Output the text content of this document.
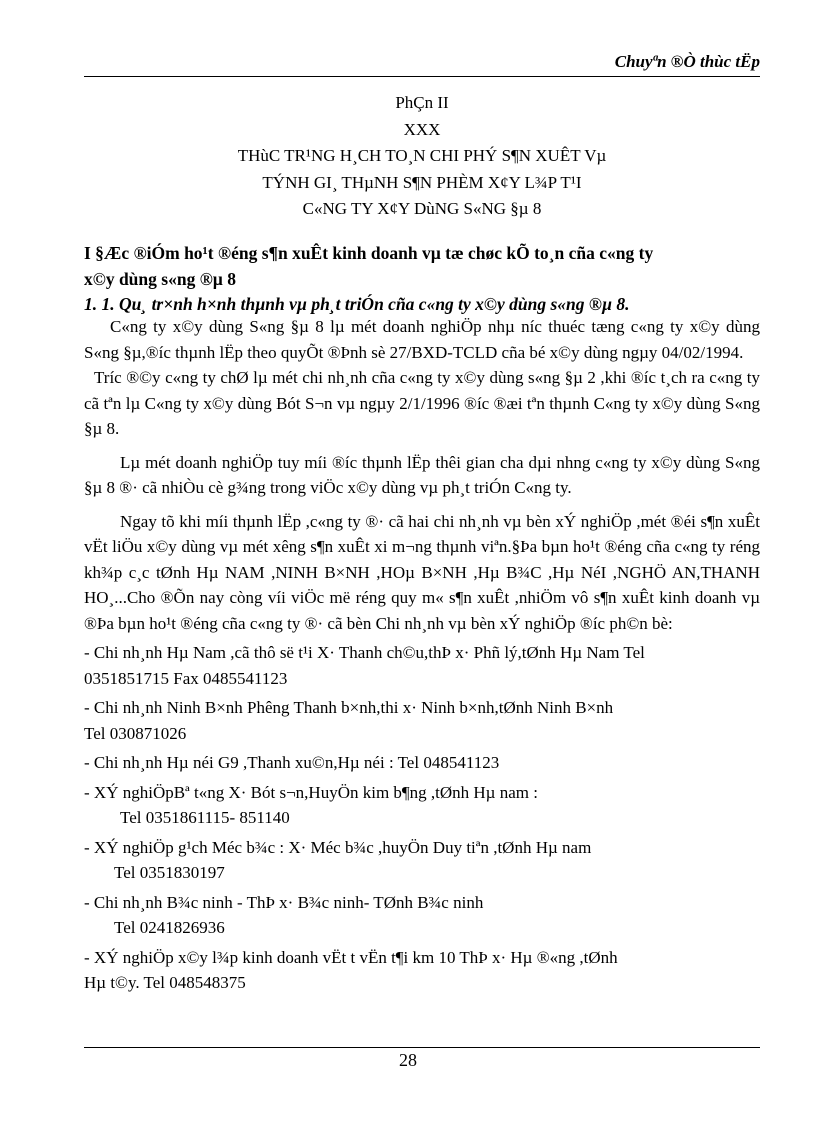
Chuyªn ®Ò thùc tËp
PhÇn II
XXX
THùC TR¹NG H¸CH TO¸N CHI PHÝ S¶N XUÊT Vµ
TÝNH GI¸ THµNH S¶N PHÈM X¢Y L¾P T¹I
C«NG TY X¢Y DùNG S«NG §µ 8
I §Æc ®iÓm ho¹t ®éng s¶n xuÊt kinh doanh vµ tæ chøc kÕ to¸n cña c«ng ty
x©y dùng s«ng ®µ 8
1. 1. Qu¸ tr×nh h×nh thµnh vµ ph¸t triÓn cña c«ng ty x©y dùng s«ng ®µ 8.

C«ng ty x©y dùng S«ng §µ 8 lµ mét doanh nghiÖp nhµ níc thuéc tæng c«ng ty x©y dùng S«ng §µ,®íc thµnh lËp theo quyÕt ®Þnh sè 27/BXD-TCLD cña bé x©y dùng ngµy 04/02/1994.

Tríc ®©y c«ng ty chØ lµ mét chi nh¸nh cña c«ng ty x©y dùng s«ng §µ 2 ,khi ®íc t¸ch ra c«ng ty cã tªn lµ C«ng ty x©y dùng Bót S¬n vµ ngµy 2/1/1996 ®íc ®æi tªn thµnh C«ng ty x©y dùng S«ng §µ 8.

Lµ mét doanh nghiÖp tuy míi ®íc thµnh lËp thêi gian cha dµi nhng c«ng ty x©y dùng S«ng §µ 8 ®· cã nhiÒu cè g¾ng trong viÖc x©y dùng vµ ph¸t triÓn C«ng ty.

Ngay tõ khi míi thµnh lËp ,c«ng ty ®· cã hai chi nh¸nh vµ bèn xÝ nghiÖp ,mét ®éi s¶n xuÊt vËt liÖu x©y dùng vµ mét xêng s¶n xuÊt xi m¬ng thµnh viªn.§Þa bµn ho¹t ®éng cña c«ng ty réng kh¾p c¸c tØnh Hµ NAM ,NINH B×NH ,HOµ B×NH ,Hµ B¾C ,Hµ NéI ,NGHÖ AN,THANH HO¸...Cho ®Õn nay còng víi viÖc më réng quy m« s¶n xuÊt ,nhiÖm vô s¶n xuÊt kinh doanh vµ ®Þa bµn ho¹t ®éng cña c«ng ty ®· cã bèn Chi nh¸nh vµ bèn xÝ nghiÖp ®íc ph©n bè:

- Chi nh¸nh Hµ Nam ,cã thô së t¹i X· Thanh ch©u,thÞ x· Phñ lý,tØnh Hµ Nam Tel

0351851715 Fax 0485541123

- Chi nh¸nh Ninh B×nh Phêng Thanh b×nh,thi x· Ninh b×nh,tØnh Ninh B×nh

Tel 030871026

- Chi nh¸nh Hµ néi G9 ,Thanh xu©n,Hµ néi : Tel 048541123

- XÝ nghiÖpBª t«ng X· Bót s¬n,HuyÖn kim b¶ng ,tØnh Hµ nam :

Tel 0351861115- 851140

- XÝ nghiÖp g¹ch Méc b¾c : X· Méc b¾c ,huyÖn Duy tiªn ,tØnh Hµ nam

Tel 0351830197

- Chi nh¸nh B¾c ninh - ThÞ x· B¾c ninh- TØnh B¾c ninh

Tel 0241826936

- XÝ nghiÖp x©y l¾p kinh doanh vËt t vËn t¶i km 10 ThÞ x· Hµ ®«ng ,tØnh

Hµ t©y. Tel 048548375

28
